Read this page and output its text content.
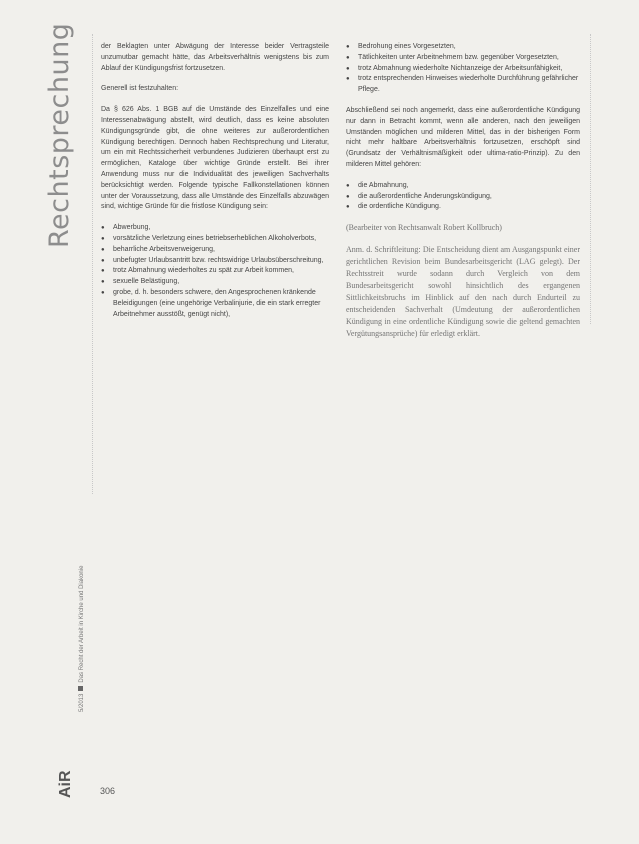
Rechtsprechung
5/2013Das Recht der Arbeit in Kirche und Diakonie
AiR	306

der Beklagten unter Abwägung der Interesse beider Vertragsteile unzumutbar gemacht hätte, das Arbeitsverhältnis wenigstens bis zum Ablauf der Kündigungsfrist fortzusetzen.

Generell ist festzuhalten:

Da § 626 Abs. 1 BGB auf die Umstände des Einzelfalles und eine Interessenabwägung abstellt, wird deutlich, dass es keine absoluten Kündigungsgründe gibt, die ohne weiteres zur außerordentlichen Kündigung berechtigen. Dennoch haben Rechtsprechung und Literatur, um ein mit Rechtssicherheit verbundenes Judizieren überhaupt erst zu ermöglichen, Kataloge über wichtige Gründe erstellt. Bei ihrer Anwendung muss nur die Individualität des jeweiligen Sachverhalts berücksichtigt werden. Folgende typische Fallkonstellationen können unter der Voraussetzung, dass alle Umstände des Einzelfalls abzuwägen sind, wichtige Gründe für die fristlose Kündigung sein:

● Abwerbung,
● vorsätzliche Verletzung eines betriebserheblichen Alkoholverbots,
● beharrliche Arbeitsverweigerung,
● unbefugter Urlaubsantritt bzw. rechtswidrige Urlaubsüberschreitung,
● trotz Abmahnung wiederholtes zu spät zur Arbeit kommen,
● sexuelle Belästigung,
● grobe, d. h. besonders schwere, den Angesprochenen kränkende Beleidigungen (eine ungehörige Verbalinjurie, die ein stark erregter Arbeitnehmer ausstößt, genügt nicht),
● Bedrohung eines Vorgesetzten,
● Tätlichkeiten unter Arbeitnehmern bzw. gegenüber Vorgesetzten,
● trotz Abmahnung wiederholte Nichtanzeige der Arbeitsunfähigkeit,
● trotz entsprechenden Hinweises wiederholte Durchführung gefährlicher Pflege.

Abschließend sei noch angemerkt, dass eine außerordentliche Kündigung nur dann in Betracht kommt, wenn alle anderen, nach den jeweiligen Umständen möglichen und milderen Mittel, das in der bisherigen Form nicht mehr haltbare Arbeitsverhältnis fortzusetzen, erschöpft sind (Grundsatz der Verhältnismäßigkeit oder ultima-ratio-Prinzip). Zu den milderen Mittel gehören:

● die Abmahnung,
● die außerordentliche Änderungskündigung,
● die ordentliche Kündigung.

(Bearbeiter von Rechtsanwalt Robert Kollbruch)

Anm. d. Schriftleitung: Die Entscheidung dient am Ausgangspunkt einer gerichtlichen Revision beim Bundesarbeitsgericht (LAG gelegt). Der Rechtsstreit wurde sodann durch Vergleich von dem Bundesarbeitsgericht sowohl hinsichtlich des ergangenen Sittlichkeitsbruchs im Hinblick auf den nach durch Endurteil zu entscheidenden Sachverhalt (Umdeutung der außerordentlichen Kündigung in eine ordentliche Kündigung sowie die geltend gemachten Vergütungsansprüche) für erledigt erklärt.
